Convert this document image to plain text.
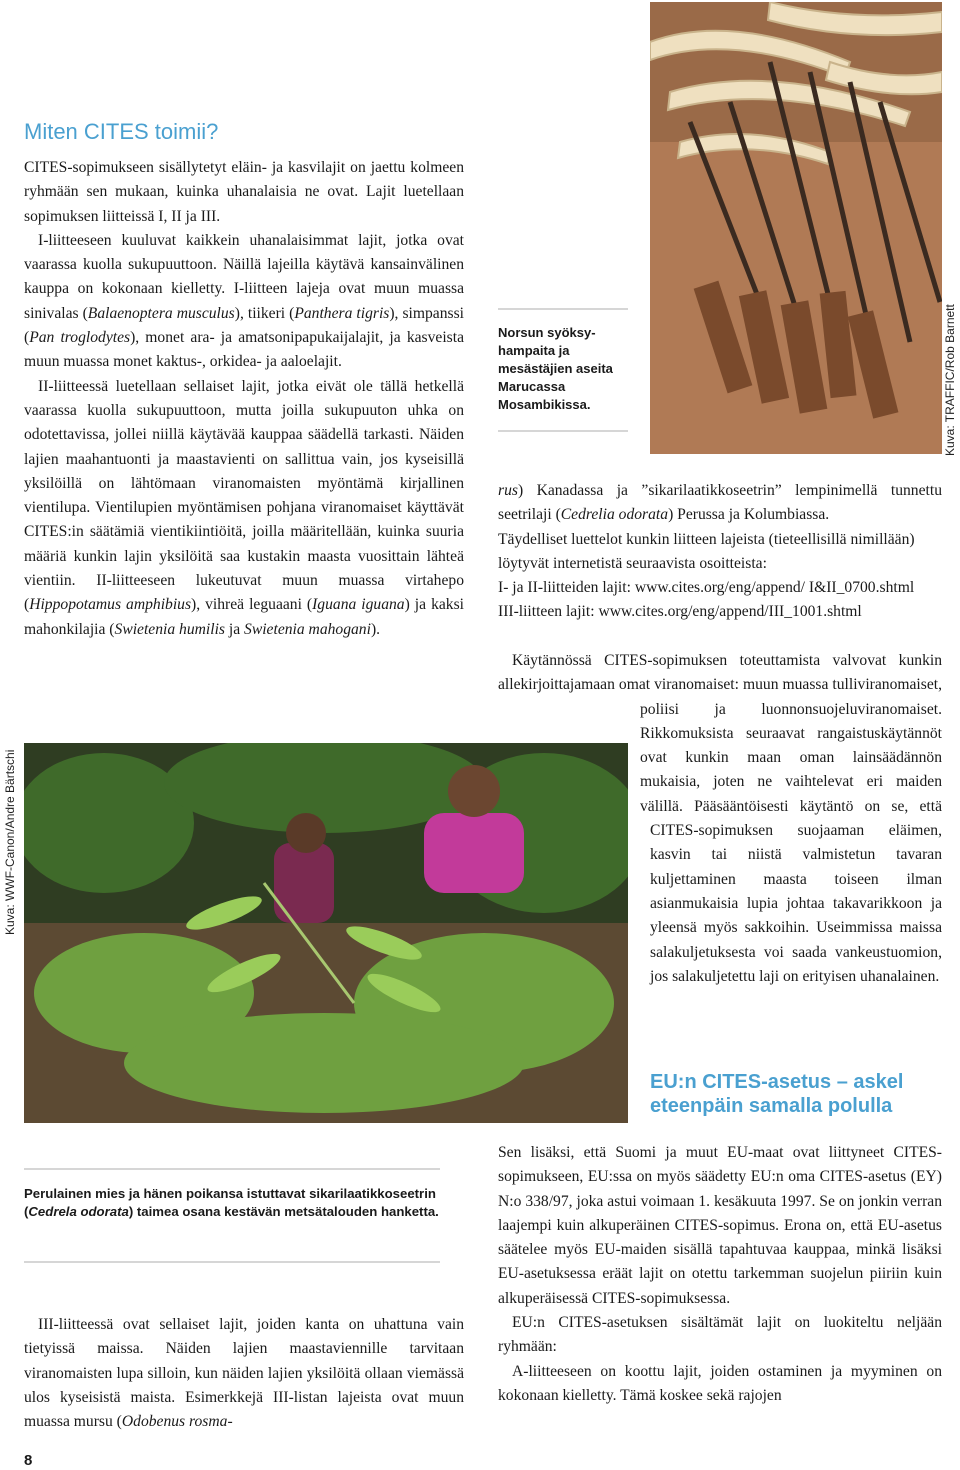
Miten CITES toimii?

CITES-sopimukseen sisällytetyt eläin- ja kasvilajit on jaettu kolmeen ryhmään sen mukaan, kuinka uhanalaisia ne ovat. Lajit luetellaan sopimuksen liitteissä I, II ja III.

I-liitteeseen kuuluvat kaikkein uhanalaisimmat lajit, jotka ovat vaarassa kuolla sukupuuttoon. Näillä lajeilla käytävä kansainvälinen kauppa on kokonaan kielletty. I-liitteen lajeja ovat muun muassa sinivalas (Balaenoptera musculus), tiikeri (Panthera tigris), simpanssi (Pan troglodytes), monet ara- ja amatsonipapukaijalajit, ja kasveista muun muassa monet kaktus-, orkidea- ja aaloelajit.

II-liitteessä luetellaan sellaiset lajit, jotka eivät ole tällä hetkellä vaarassa kuolla sukupuuttoon, mutta joilla sukupuuton uhka on odotettavissa, jollei niillä käytävää kauppaa säädellä tarkasti. Näiden lajien maahantuonti ja maastavienti on sallittua vain, jos kyseisillä yksilöillä on lähtömaan viranomaisten myöntämä kirjallinen vientilupa. Vientilupien myöntämisen pohjana viranomaiset käyttävät CITES:in säätämiä vientikiintiöitä, joilla määritellään, kuinka suuria määriä kunkin lajin yksilöitä saa kustakin maasta vuosittain lähteä vientiin. II-liitteeseen lukeutuvat muun muassa virtahepo (Hippopotamus amphibius), vihreä leguaani (Iguana iguana) ja kaksi mahonkilajia (Swietenia humilis ja Swietenia mahogani).

Kuva: TRAFFIC/Rob Barnett
Norsun syöksyhampaita ja mesästäjien aseita Marucassa Mosambikissa.

rus) Kanadassa ja ”sikarilaatikkoseetrin” lempinimellä tunnettu seetrilaji (Cedrelia odorata) Perussa ja Kolumbiassa.

Täydelliset luettelot kunkin liitteen lajeista (tieteellisillä nimillään) löytyvät internetistä seuraavista osoitteista:

I- ja II-liitteiden lajit: www.cites.org/eng/append/ I&II_0700.shtml

III-liitteen lajit: www.cites.org/eng/append/III_1001.shtml

Käytännössä CITES-sopimuksen toteuttamista valvovat kunkin allekirjoittajamaan omat viranomaiset: muun muassa tulliviranomaiset, poliisi ja luonnonsuojeluviranomaiset. Rikkomuksista seuraavat rangaistuskäytännöt ovat kunkin maan oman lainsäädännön mukaisia, joten ne vaihtelevat eri maiden välillä. Pääsääntöisesti käytäntö on se, että CITES-sopimuksen suojaaman eläimen, kasvin tai niistä valmistetun tavaran kuljettaminen maasta toiseen ilman asianmukaisia lupia johtaa takavarikkoon ja yleensä myös sakkoihin. Useimmissa maissa salakuljetuksesta voi saada vankeustuomion, jos salakuljetettu laji on erityisen uhanalainen.

Kuva: WWF-Canon/Andre Bärtschi
Perulainen mies ja hänen poikansa istuttavat sikarilaatikkoseetrin (Cedrela odorata) taimea osana kestävän metsätalouden hanketta.

III-liitteessä ovat sellaiset lajit, joiden kanta on uhattuna vain tietyissä maissa. Näiden lajien maastaviennille tarvitaan viranomaisten lupa silloin, kun näiden lajien yksilöitä ollaan viemässä ulos kyseisistä maista. Esimerkkejä III-listan lajeista ovat muun muassa mursu (Odobenus rosma-

EU:n CITES-asetus – askel eteenpäin samalla polulla

Sen lisäksi, että Suomi ja muut EU-maat ovat liittyneet CITES-sopimukseen, EU:ssa on myös säädetty EU:n oma CITES-asetus (EY) N:o 338/97, joka astui voimaan 1. kesäkuuta 1997. Se on jonkin verran laajempi kuin alkuperäinen CITES-sopimus. Erona on, että EU-asetus säätelee myös EU-maiden sisällä tapahtuvaa kauppaa, minkä lisäksi EU-asetuksessa eräät lajit on otettu tarkemman suojelun piiriin kuin alkuperäisessä CITES-sopimuksessa.

EU:n CITES-asetuksen sisältämät lajit on luokiteltu neljään ryhmään:

A-liitteeseen on koottu lajit, joiden ostaminen ja myyminen on kokonaan kielletty. Tämä koskee sekä rajojen

8
